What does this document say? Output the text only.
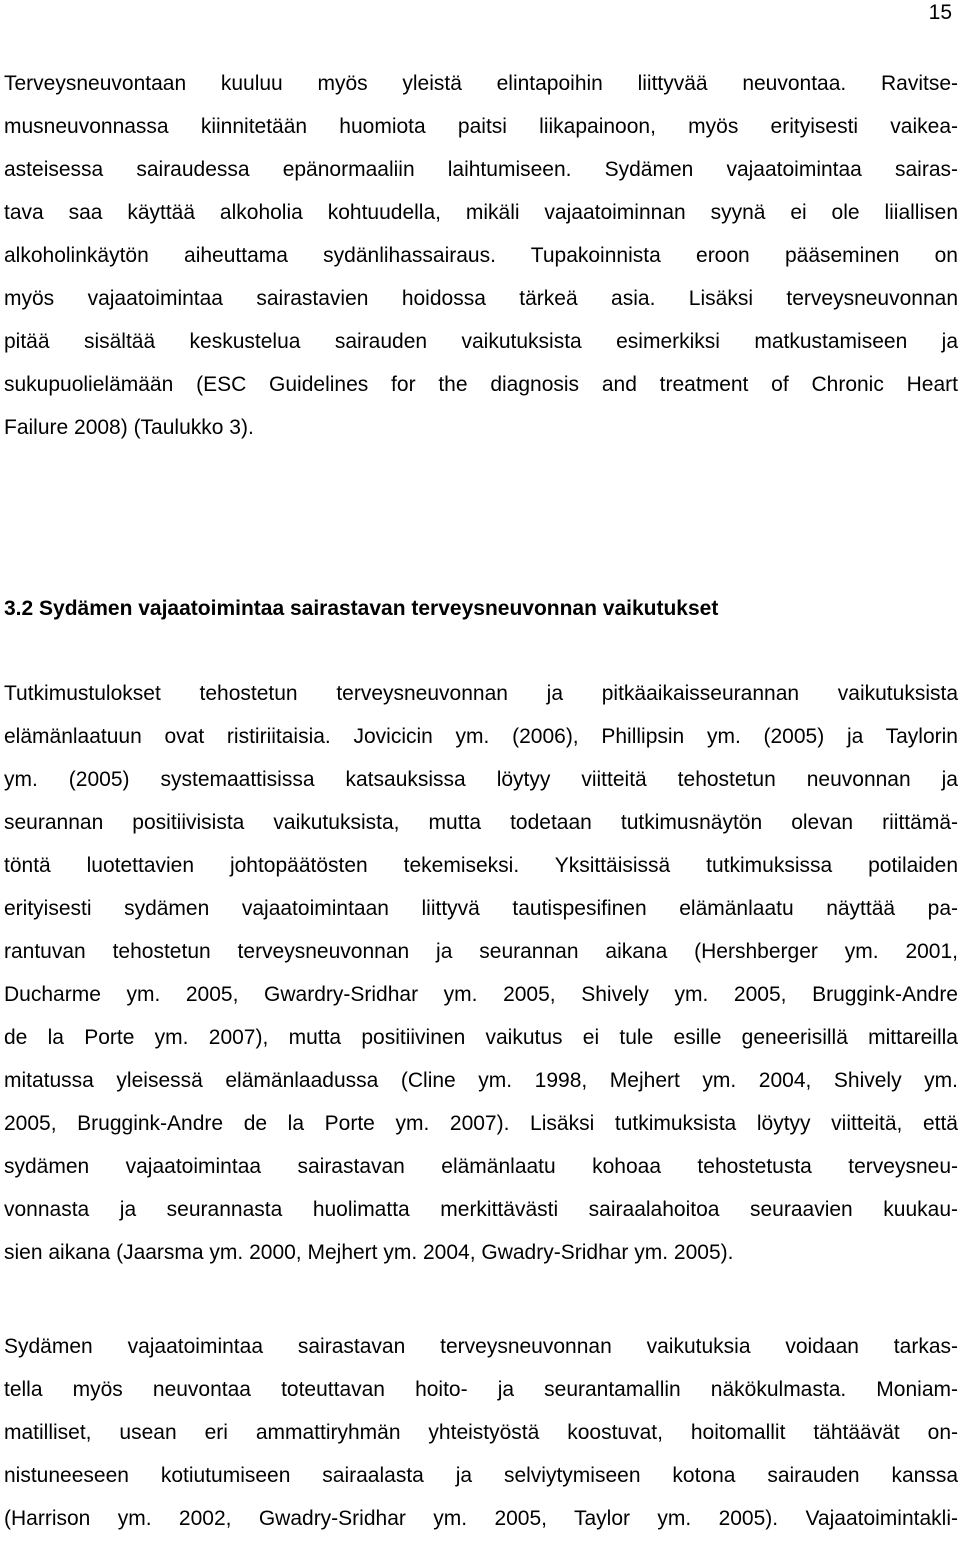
15
Terveysneuvontaan kuuluu myös yleistä elintapoihin liittyvää neuvontaa. Ravitse-
musneuvonnassa kiinnitetään huomiota paitsi liikapainoon, myös erityisesti vaikea-
asteisessa sairaudessa epänormaaliin laihtumiseen. Sydämen vajaatoimintaa sairas-
tava saa käyttää alkoholia kohtuudella, mikäli vajaatoiminnan syynä ei ole liiallisen
alkoholinkäytön aiheuttama sydänlihassairaus. Tupakoinnista eroon pääseminen on
myös vajaatoimintaa sairastavien hoidossa tärkeä asia. Lisäksi terveysneuvonnan
pitää sisältää keskustelua sairauden vaikutuksista esimerkiksi matkustamiseen ja
sukupuolielämään (ESC Guidelines for the diagnosis and treatment of Chronic Heart
Failure 2008) (Taulukko 3).
3.2 Sydämen vajaatoimintaa sairastavan terveysneuvonnan vaikutukset
Tutkimustulokset tehostetun terveysneuvonnan ja pitkäaikaisseurannan vaikutuksista
elämänlaatuun ovat ristiriitaisia. Jovicicin ym. (2006), Phillipsin ym. (2005) ja Taylorin
ym. (2005) systemaattisissa katsauksissa löytyy viitteitä tehostetun neuvonnan ja
seurannan positiivisista vaikutuksista, mutta todetaan tutkimusnäytön olevan riittämä-
töntä luotettavien johtopäätösten tekemiseksi. Yksittäisissä tutkimuksissa potilaiden
erityisesti sydämen vajaatoimintaan liittyvä tautispesifinen elämänlaatu näyttää pa-
rantuvan tehostetun terveysneuvonnan ja seurannan aikana (Hershberger ym. 2001,
Ducharme ym. 2005, Gwardry-Sridhar ym. 2005, Shively ym. 2005, Bruggink-Andre
de la Porte ym. 2007), mutta positiivinen vaikutus ei tule esille geneerisillä mittareilla
mitatussa yleisessä elämänlaadussa (Cline ym. 1998, Mejhert ym. 2004, Shively ym.
2005, Bruggink-Andre de la Porte ym. 2007). Lisäksi tutkimuksista löytyy viitteitä, että
sydämen vajaatoimintaa sairastavan elämänlaatu kohoaa tehostetusta terveysneu-
vonnasta ja seurannasta huolimatta merkittävästi sairaalahoitoa seuraavien kuukau-
sien aikana (Jaarsma ym. 2000, Mejhert ym. 2004, Gwadry-Sridhar ym. 2005).
Sydämen vajaatoimintaa sairastavan terveysneuvonnan vaikutuksia voidaan tarkas-
tella myös neuvontaa toteuttavan hoito- ja seurantamallin näkökulmasta. Moniam-
matilliset, usean eri ammattiryhmän yhteistyöstä koostuvat, hoitomallit tähtäävät on-
nistuneeseen kotiutumiseen sairaalasta ja selviytymiseen kotona sairauden kanssa
(Harrison ym. 2002, Gwadry-Sridhar ym. 2005, Taylor ym. 2005). Vajaatoimintakli-
